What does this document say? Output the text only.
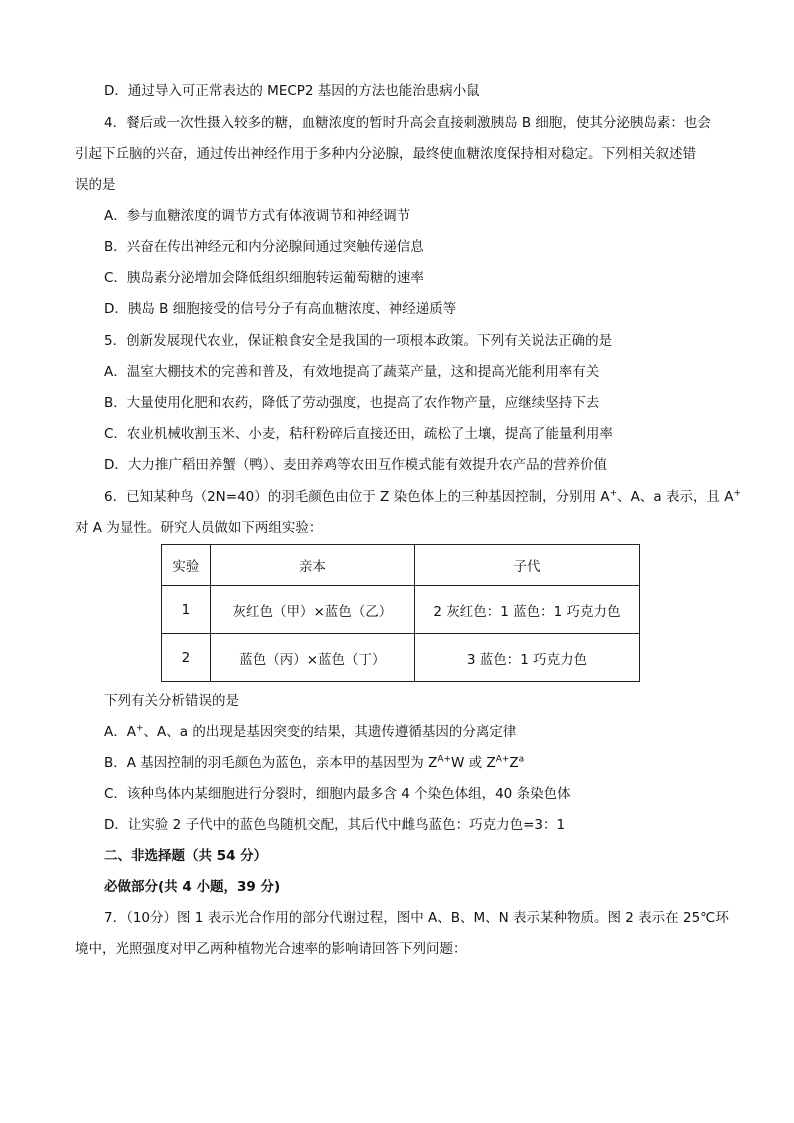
D．通过导入可正常表达的 MECP2 基因的方法也能治患病小鼠
4．餐后或一次性摄入较多的糖，血糖浓度的暂时升高会直接刺激胰岛 B 细胞，使其分泌胰岛素：也会
引起下丘脑的兴奋，通过传出神经作用于多种内分泌腺，最终使血糖浓度保持相对稳定。下列相关叙述错
误的是
A．参与血糖浓度的调节方式有体液调节和神经调节
B．兴奋在传出神经元和内分泌腺间通过突触传递信息
C．胰岛素分泌增加会降低组织细胞转运葡萄糖的速率
D．胰岛 B 细胞接受的信号分子有高血糖浓度、神经递质等
5．创新发展现代农业，保证粮食安全是我国的一项根本政策。下列有关说法正确的是
A．温室大棚技术的完善和普及，有效地提高了蔬菜产量，这和提高光能利用率有关
B．大量使用化肥和农药，降低了劳动强度，也提高了农作物产量，应继续坚持下去
C．农业机械收割玉米、小麦，秸秆粉碎后直接还田，疏松了土壤，提高了能量利用率
D．大力推广稻田养蟹（鸭）、麦田养鸡等农田互作模式能有效提升农产品的营养价值
6．已知某种鸟（2N=40）的羽毛颜色由位于 Z 染色体上的三种基因控制，分别用 A+、A、a 表示，且 A+
对 A 为显性。研究人员做如下两组实验：
实验	亲本	子代
1	灰红色（甲）×蓝色（乙）	2 灰红色：1 蓝色：1 巧克力色
2	蓝色（丙）×蓝色（丁）	3 蓝色：1 巧克力色
下列有关分析错误的是
A．A+、A、a 的出现是基因突变的结果，其遗传遵循基因的分离定律
B．A 基因控制的羽毛颜色为蓝色，亲本甲的基因型为 $Z^{A+}W$ 或 $Z^{A+}Z^a$
C．该种鸟体内某细胞进行分裂时，细胞内最多含 4 个染色体组，40 条染色体
D．让实验 2 子代中的蓝色鸟随机交配，其后代中雌鸟蓝色：巧克力色=3：1
二、非选择题（共 54 分）
必做部分(共 4 小题，39 分)
7．（10分）图 1 表示光合作用的部分代谢过程，图中 A、B、M、N 表示某种物质。图 2 表示在 25℃环
境中，光照强度对甲乙两种植物光合速率的影响请回答下列问题：
